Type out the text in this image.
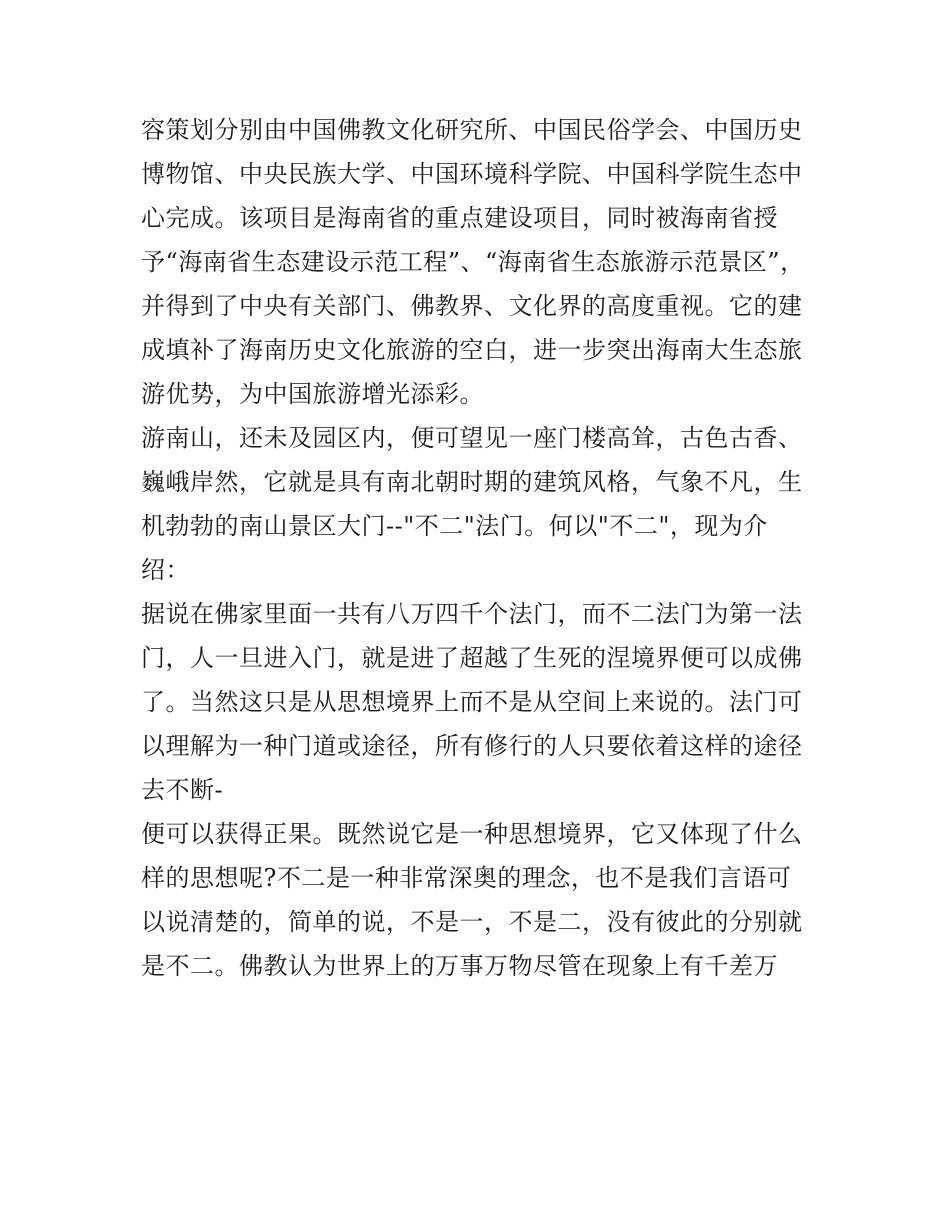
容策划分别由中国佛教文化研究所、中国民俗学会、中国历史
博物馆、中央民族大学、中国环境科学院、中国科学院生态中
心完成。该项目是海南省的重点建设项目，同时被海南省授
予“海南省生态建设示范工程”、“海南省生态旅游示范景区”，
并得到了中央有关部门、佛教界、文化界的高度重视。它的建
成填补了海南历史文化旅游的空白，进一步突出海南大生态旅
游优势，为中国旅游增光添彩。
游南山，还未及园区内，便可望见一座门楼高耸，古色古香、
巍峨岸然，它就是具有南北朝时期的建筑风格，气象不凡，生
机勃勃的南山景区大门--"不二"法门。何以"不二"，现为介
绍：
据说在佛家里面一共有八万四千个法门，而不二法门为第一法
门，人一旦进入门，就是进了超越了生死的涅境界便可以成佛
了。当然这只是从思想境界上而不是从空间上来说的。法门可
以理解为一种门道或途径，所有修行的人只要依着这样的途径
去不断-
便可以获得正果。既然说它是一种思想境界，它又体现了什么
样的思想呢?不二是一种非常深奥的理念，也不是我们言语可
以说清楚的，简单的说，不是一，不是二，没有彼此的分别就
是不二。佛教认为世界上的万事万物尽管在现象上有千差万
